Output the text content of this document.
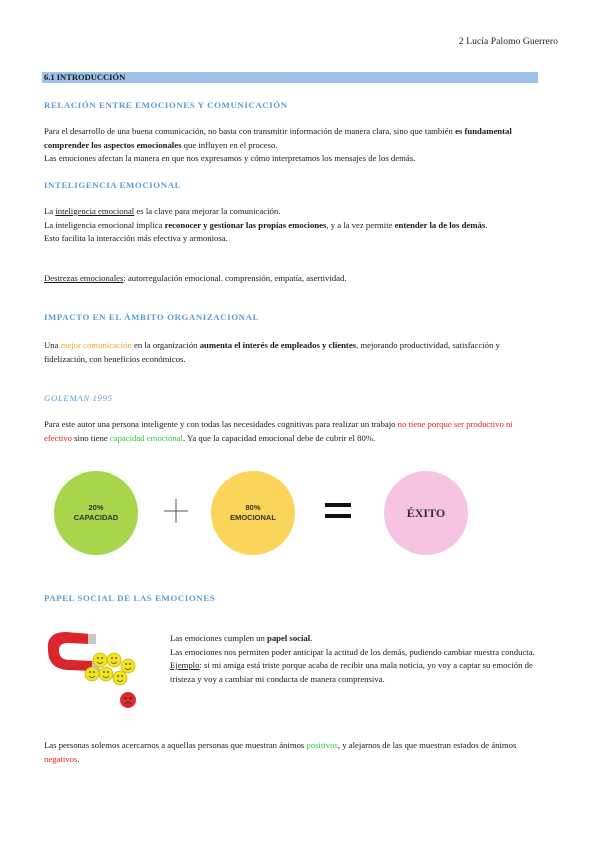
2 Lucía Palomo Guerrero
6.1 INTRODUCCIÓN
RELACIÓN ENTRE EMOCIONES Y COMUNICACIÓN
Para el desarrollo de una buena comunicación, no basta con transmitir información de manera clara, sino que también es fundamental comprender los aspectos emocionales que influyen en el proceso.
Las emociones afectan la manera en que nos expresamos y cómo interpretamos los mensajes de los demás.
INTELIGENCIA EMOCIONAL
La inteligencia emocional es la clave para mejorar la comunicación.
La inteligencia emocional implica reconocer y gestionar las propias emociones, y a la vez permite entender la de los demás.
Esto facilita la interacción más efectiva y armoniosa.
Destrezas emocionales: autorregulación emocional. comprensión, empatía, asertividad.
IMPACTO EN EL ÁMBITO ORGANIZACIONAL
Una mejor comunicación en la organización aumenta el interés de empleados y clientes, mejorando productividad, satisfacción y fidelización, con beneficios económicos.
GOLEMAN 1995
Para este autor una persona inteligente y con todas las necesidades cognitivas para realizar un trabajo no tiene porque ser productivo ni efectivo sino tiene capacidad emocional. Ya que la capacidad emocional debe de cubrir el 80%.
20%
CAPACIDAD
80%
EMOCIONAL	ÉXITO
PAPEL SOCIAL DE LAS EMOCIONES
Las emociones cumplen un papel social.
Las emociones nos permiten poder anticipar la actitud de los demás, pudiendo cambiar nuestra conducta.
Ejemplo: si mi amiga está triste porque acaba de recibir una mala noticia, yo voy a captar su emoción de tristeza y voy a cambiar mi conducta de manera comprensiva.
Las personas solemos acercarnos a aquellas personas que muestran ánimos positivos, y alejarnos de las que muestran estados de ánimos negativos.
